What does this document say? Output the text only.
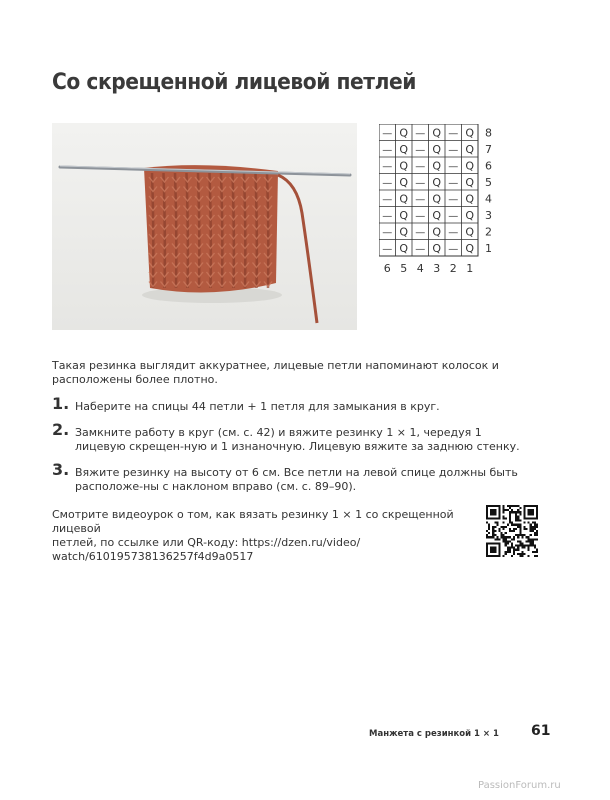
Со скрещенной лицевой петлей
— Q — Q — Q 8
— Q — Q — Q 7
— Q — Q — Q 6
— Q — Q — Q 5
— Q — Q — Q 4
— Q — Q — Q 3
— Q — Q — Q 2
— Q — Q — Q 1
6 5 4 3 2 1
Такая резинка выглядит аккуратнее, лицевые петли напоминают колосок и расположены более плотно.
1. Наберите на спицы 44 петли + 1 петля для замыкания в круг.
2. Замкните работу в круг (см. с. 42) и вяжите резинку 1 × 1, чередуя 1 лицевую скрещен-ную и 1 изнаночную. Лицевую вяжите за заднюю стенку.
3. Вяжите резинку на высоту от 6 см. Все петли на левой спице должны быть расположе-ны с наклоном вправо (см. с. 89–90).
Смотрите видеоурок о том, как вязать резинку 1 × 1 со скрещенной лицевой
петлей, по ссылке или QR-коду: https://dzen.ru/video/
watch/610195738136257f4d9a0517
Манжета с резинкой 1 × 1 61
PassionForum.ru
